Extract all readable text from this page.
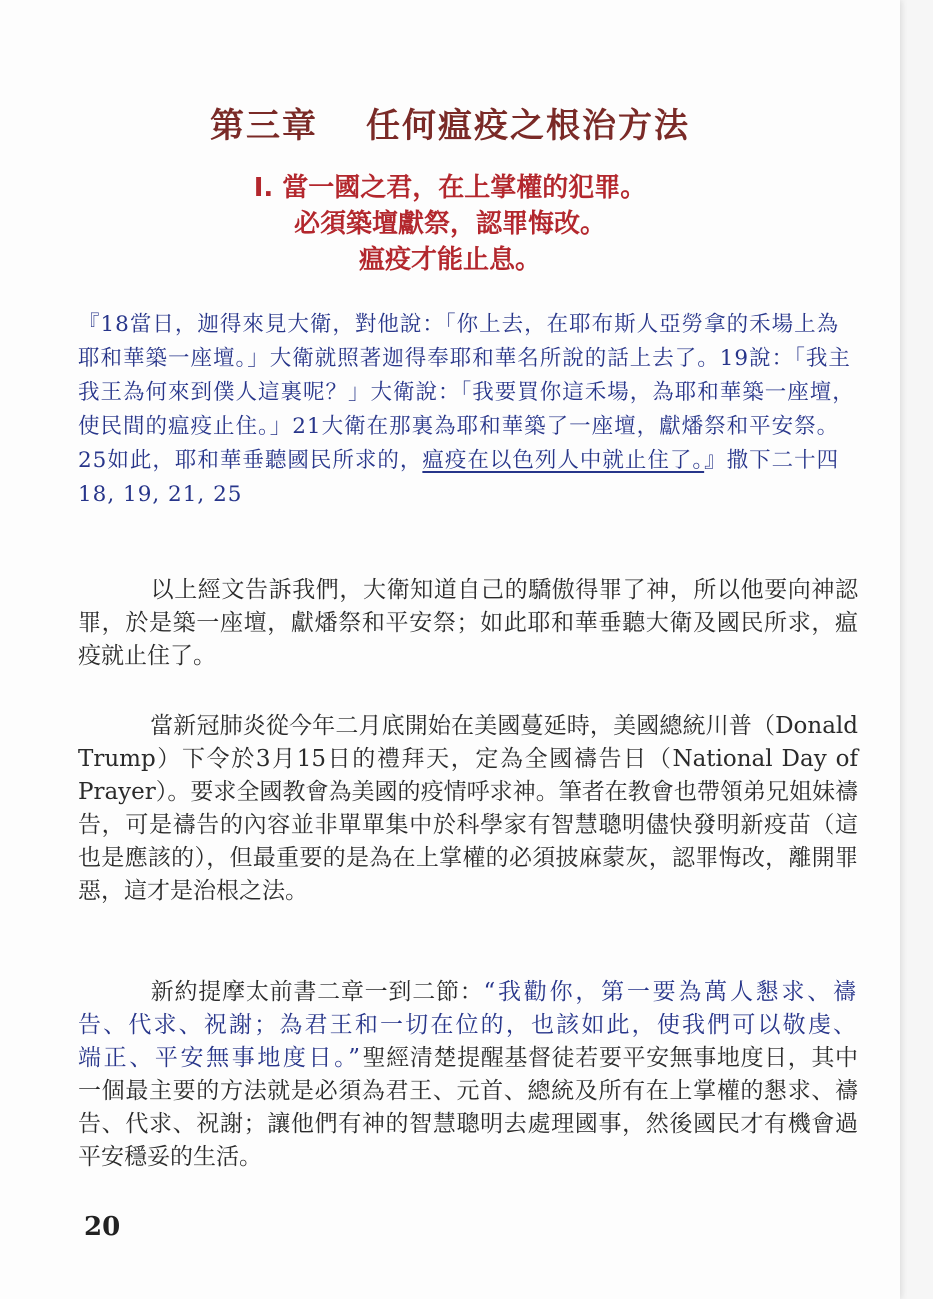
第三章 任何瘟疫之根治方法
I. 當一國之君，在上掌權的犯罪。
必須築壇獻祭，認罪悔改。
瘟疫才能止息。
『18當日，迦得來見大衛，對他說：「你上去，在耶布斯人亞勞拿的禾場上為耶和華築一座壇。」大衛就照著迦得奉耶和華名所說的話上去了。19說：「我主我王為何來到僕人這裏呢？」大衛說：「我要買你這禾場，為耶和華築一座壇，使民間的瘟疫止住。」21大衛在那裏為耶和華築了一座壇，獻燔祭和平安祭。25如此，耶和華垂聽國民所求的，瘟疫在以色列人中就止住了。』撒下二十四
18, 19, 21, 25
以上經文告訴我們，大衛知道自己的驕傲得罪了神，所以他要向神認罪，於是築一座壇，獻燔祭和平安祭；如此耶和華垂聽大衛及國民所求，瘟疫就止住了。
當新冠肺炎從今年二月底開始在美國蔓延時，美國總統川普（Donald　 Trump）下令於3月15日的禮拜天，定為全國禱告日（National Day of Prayer）。要求全國教會為美國的疫情呼求神。筆者在教會也帶領弟兄姐妹禱告，可是禱告的內容並非單單集中於科學家有智慧聰明儘快發明新疫苗（這也是應該的），但最重要的是為在上掌權的必須披麻蒙灰，認罪悔改，離開罪惡，這才是治根之法。
新約提摩太前書二章一到二節：“我勸你，第一要為萬人懇求、禱告、代求、祝謝；為君王和一切在位的，也該如此，使我們可以敬虔、端正、平安無事地度日。”聖經清楚提醒基督徒若要平安無事地度日，其中一個最主要的方法就是必須為君王、元首、總統及所有在上掌權的懇求、禱告、代求、祝謝；讓他們有神的智慧聰明去處理國事，然後國民才有機會過平安穩妥的生活。
20
